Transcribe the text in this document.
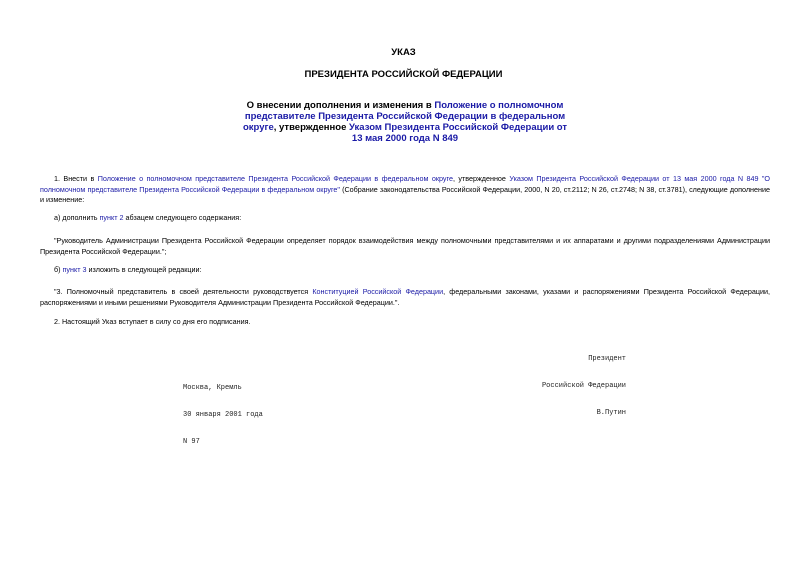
УКАЗ
ПРЕЗИДЕНТА РОССИЙСКОЙ ФЕДЕРАЦИИ
О внесении дополнения и изменения в Положение о полномочном представителе Президента Российской Федерации в федеральном округе, утвержденное Указом Президента Российской Федерации от 13 мая 2000 года N 849
1. Внести в Положение о полномочном представителе Президента Российской Федерации в федеральном округе, утвержденное Указом Президента Российской Федерации от 13 мая 2000 года N 849 "О полномочном представителе Президента Российской Федерации в федеральном округе" (Собрание законодательства Российской Федерации, 2000, N 20, ст.2112; N 26, ст.2748; N 38, ст.3781), следующие дополнение и изменение:
а) дополнить пункт 2 абзацем следующего содержания:
"Руководитель Администрации Президента Российской Федерации определяет порядок взаимодействия между полномочными представителями и их аппаратами и другими подразделениями Администрации Президента Российской Федерации.";
б) пункт 3 изложить в следующей редакции:
"3. Полномочный представитель в своей деятельности руководствуется Конституцией Российской Федерации, федеральными законами, указами и распоряжениями Президента Российской Федерации, распоряжениями и иными решениями Руководителя Администрации Президента Российской Федерации.".
2. Настоящий Указ вступает в силу со дня его подписания.

Президент

Российской Федерации

В.Путин

Москва, Кремль

30 января 2001 года

N 97
